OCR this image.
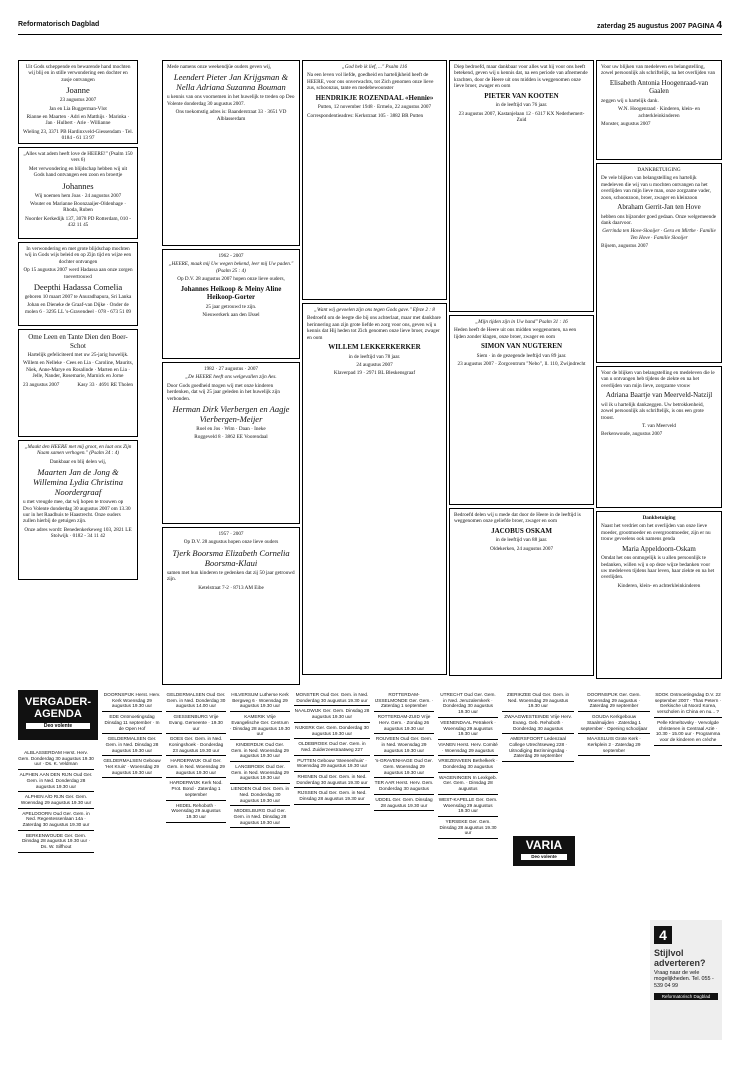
Reformatorisch Dagblad	zaterdag 25 augustus 2007 PAGINA 4

Uit Gods scheppende en bewarende hand mochten wij blij en in stille verwondering een dochter en zusje ontvangen

Joanne

23 augustus 2007

Jan en Lia Buggerman-Vlot

Rianne en Maarten · Adri en Matthijs · Marinka · Jan · Hulbert · Arie · Willianne

Wieling 23, 3371 PB Hardinxveld-Giessendam · Tel. 0184 - 61 13 97

„Alles wat adem heeft love de HEERE!" (Psalm 150 vers 6)

Met verwondering en blijdschap hebben wij uit Gods hand ontvangen een zoon en broertje

Johannes

Wij noemen hem Joas · 24 augustus 2007

Wouter en Marianne Boonzaaijer-Oldenhage · Rhoda, Ruben

Noorder Kerkedijk 137, 3078 PD Rotterdam, 010 - 432 11 45

In verwondering en met grote blijdschap mochten wij in Gods wijs beleid en op Zijn tijd en wijze een dochter ontvangen

Op 15 augustus 2007 werd Hadassa aan onze zorgen toevertrouwd

Deepthi Hadassa Comelia

geboren 10 maart 2007 te Anuradhapura, Sri Lanka

Johan en Dieneke de Graaf-van Dijke · Onder de molen 6 · 3295 LL 's-Gravendeel · 078 - 673 51 09

Ome Leen en Tante Dien den Boer-Schot

Hartelijk gefeliciteerd met uw 25-jarig huwelijk.

Willem en Nelleke · Cees en Lia · Caroline, Maurits, Niek, Anne-Marye en Rosalinde · Marten en Lia · Jelle, Nander, Rosemarie, Marnick en Jorne

23 augustus 2007	Kasy 33 · 4691 RE Tholen

„Maakt den HEERE met mij groot, en laat ons Zijn Naam samen verhogen." (Psalm 34 : 4)

Dankbaar en blij delen wij,

Maarten Jan de Jong & Willemina Lydia Christina Noordergraaf

u met vreugde mee, dat wij hopen te trouwen op Dvo Volente donderdag 30 augustus 2007 om 13.30 uur in het Raadhuis te Haastrecht. Onze ouders zullen hierbij de getuigen zijn.

Onze adres wordt: Benedenkerkeweg 103, 2821 LE Stolwijk · 0182 - 34 11 42

Mede namens onze weekendjüe ouders geven wij,

Leendert Pieter Jan Krijgsman & Nella Adriana Suzanna Bouman

u kennis van ons voornemen in het huwelijk te treden op Deo Volente donderdag 30 augustus 2007.

Ons toekomstig adres is: Baanderstraat 33 · 3651 VD Alblasserdam

1962 - 2007

„HEERE, maak mij Uw wegen bekend, leer mij Uw paden." (Psalm 25 : 4)

Op D.V. 28 augustus 2007 hopen onze lieve ouders,

Johannes Heikoop & Meiny Aline Heikoop-Gorter

25 jaar getrouwd te zijn.

Nieuwerkerk aan den IJssel

1982 · 27 augustus · 2007

„De HEERE heeft ons welgevallen zijn Aes.

Door Gods goedheid mogen wij met onze kinderen herdenken, dat wij 25 jaar geleden in het huwelijk zijn verbonden.

Herman Dirk Vierbergen en Aagje Vierbergen-Meijer

Roel en Jos · Wim · Daan · Ineke

Roggeveld 8 · 3862 EE Voorendaal

1957 · 2007

Op D.V. 28 augustus hopen onze lieve ouders

Tjerk Boorsma Elizabeth Cornelia Boorsma-Klaui

samen met hun kinderen te gedenken dat zij 50 jaar getrouwd zijn.

Ketelstraat 7-2 · 8713 AM Eibe

„God heb ik lief, ..." Psalm 116

Na een leven vol liefde, goedheid en hartelijkheid heeft de HEERE, voor ons onverwachts, tot Zich genomen onze lieve zus, schoonzus, tante en medebewoonster

HENDRIKJE ROZENDAAL «Hennie»

Putten, 12 november 1948 · Ermelo, 22 augustus 2007

Correspondentieadres: Kerkstraat 105 · 3882 BR Putten

„Want wij gevoelen zijn ons tegen Gods gave." Efeze 2 : 8

Bedroefd om de leegte die bij ons achterlaat, maar met dankbare herinnering aan zijn grote liefde en zorg voor ons, geven wij u kennis dat Hij heden tot Zich genomen onze lieve broer, zwager en oom

WILLEM LEKKERKERKER

in de leeftijd van 78 jaar.

24 augustus 2007

Klaverpad 19 · 2971 BL Bleskensgraaf

Diep bedroefd, maar dankbaar voor alles wat hij voor ons heeft betekend, geven wij u kennis dat, na een periode van afnemende krachten, door de Heere uit ons midden is weggenomen onze lieve broer, zwager en oom

PIETER VAN KOOTEN

in de leeftijd van 76 jaar.

23 augustus 2007, Kastanjelaan 12 · 6317 KX Nederhemert-Zuid

„Mijn tijden zijn in Uw hand" Psalm 31 : 16

Heden heeft de Heere uit ons midden weggenomen, na een lijden zonder klagen, onze broer, zwager en oom

SIMON VAN NUGTEREN

Siem · in de gezegende leeftijd van 89 jaar.

23 augustus 2007 · Zorgcentrum "Nebo", ll. 110, Zwijndrecht

Bedroefd delen wij u mede dat door de Heere in de leeftijd is weggenomen onze geliefde broer, zwager en oom

JACOBUS OSKAM

in de leeftijd van 88 jaar.

Oldekerken, 24 augustus 2007

Voor uw blijken van medeleven en belangstelling, zowel persoonlijk als schriftelijk, na het overlijden van

Elisabeth Antonia Hoogenraad-van Gaalen

zeggen wij u hartelijk dank.

W.N. Hoogenraad · Kinderen, klein- en achterkleinkinderen

Monster, augustus 2007

DANKBETUIGING

De vele blijken van belangstelling en hartelijk medeleven die wij van u mochten ontvangen na het overlijden van mijn lieve man, onze zorgzame vader, zoon, schoonzoon, broer, zwager en kleinzoon

Abraham Gerrit-Jan ten Hove

hebben ons bijzonder goed gedaan. Onze welgemeende dank daarvoor.

Gerrinda ten Hove-Slooijer · Gera en Mirthe · Familie Ten Hove · Familie Slooijer

Bijsem, augustus 2007

Voor de blijken van belangstelling en medeleven die le van u ontvangen heb tijdens de ziekte en na het overlijden van mijn lieve, zorgzame vrouw

Adriana Baartje van Meerveld-Natzijl

wil ik u hartelijk dankzeggen. Uw betrokkenheid, zowel persoonlijk als schriftelijk, is ons een grote troost.

T. van Meerveld

Berkenwoude, augustus 2007

Dankbetuiging

Naast het verdriet om het overlijden van onze lieve moeder, grootmoeder en overgrootmoeder, zijn er nu trouw gevoelens ook namens genda

Maria Appeldoorn-Oskam

Omdat het ons onmogelijk is u allen persoonlijk te bedanken, willen wij u op deze wijze bedanken voor uw medeleven tijdens haar leven, haar ziekte en na het overlijden.

Kinderen, klein- en achterkleinkinderen

VERGADER-AGENDA
Deo volente
ALBLASSERDAM Herst. Herv. Gem. Donderdag 30 augustus 19.30 uur · Ds. K. Veldman
ALPHEN AAN DEN RIJN Oud Ger. Gem. in Ned. Donderdag 28 augustus 19.30 uur
ALPHEN A/D RIJN Ger. Gem. Woensdag 29 augustus 19.30 uur
APELDOORN Oud Ger. Gem. in Ned. Regentessenlaan 14a · Zaterdag 30 augustus 19.30 uur
BERKENWOUDE Ger. Gem. Dinsdag 28 augustus 19.30 uur · Ds. W. Silfhout
DOORNSPIJK Herst. Herv. Kerk Woensdag 29 augustus 19.30 uur
EDE Ontmoetingsdag Dinsdag 11 september · In de Open Hof
GELDERMALSEN Ger. Gem. in Ned. Dinsdag 28 augustus 19.30 uur
GELDERMALSEN Gebouw 'Het Kruis' · Woensdag 29 augustus 19.30 uur
GELDERMALSEN Oud Ger. Gem. in Ned. Donderdag 30 augustus 14.00 uur
GIESSENBURG Vrije Evang. Gemeente · 19.30 uur
GOES Ger. Gem. in Ned. Koningshoek · Donderdag 23 augustus 19.30 uur
HARDERWIJK Oud Ger. Gem. in Ned. Woensdag 29 augustus 19.30 uur
HARDERWIJK Kerk Nod. Prot. Bond · Zaterdag 1 september
HEDEL Rehoboth · Woensdag 29 augustus 19.30 uur
HILVERSUM Lutherse Kerk Bergweg 6 · Woensdag 29 augustus 19.30 uur
KAMERIK Vrije Evangelische Ger. Centrum · Dinsdag 28 augustus 19.30 uur
KINDERDIJK Oud Ger. Gem. in Ned. Woensdag 29 augustus 19.30 uur
LANGBROEK Oud Ger. Gem. in Ned. Woensdag 29 augustus 19.30 uur
LIENDEN Oud Ger. Gem. in Ned. Donderdag 30 augustus 19.30 uur
MIDDELBURG Oud Ger. Gem. in Ned. Dinsdag 28 augustus 19.30 uur
MONSTER Oud Ger. Gem. in Ned. Donderdag 30 augustus 19.30 uur
NAALDWIJK Ger. Gem. Dinsdag 28 augustus 19.30 uur
NIJKERK Ger. Gem. Donderdag 30 augustus 19.30 uur
OLDEBROEK Oud Ger. Gem. in Ned. Zuiderzeestraatweg 227
PUTTEN Gebouw 'Steenenhuis' · Woensdag 29 augustus 19.30 uur
RHENEN Oud Ger. Gem. in Ned. Donderdag 30 augustus 19.30 uur
RIJSSEN Oud Ger. Gem. in Ned. Dinsdag 28 augustus 19.30 uur
ROTTERDAM-IJSSELMONDE Ger. Gem. · Zaterdag 1 september
ROTTERDAM-ZUID Vrije Herv. Gem. · Zondag 26 augustus 19.30 uur
ROUVEEN Oud Ger. Gem. in Ned. Woensdag 29 augustus 19.30 uur
's-GRAVENHAGE Oud Ger. Gem. Woensdag 29 augustus 19.30 uur
TER AAR Herst. Herv. Gem. Donderdag 30 augustus
UDDEL Ger. Gem. Dinsdag 28 augustus 19.30 uur
UTRECHT Oud Ger. Gem. in Ned. Jeruzalemkerk · Donderdag 30 augustus 19.30 uur
VEENENDAAL Petrakerk · Woensdag 29 augustus 19.30 uur
VIANEN Herst. Herv. Comité · Woensdag 29 augustus
VRIEZENVEEN Bethelkerk · Donderdag 30 augustus
WAGENINGEN In Lexkgeb. Ger. Gem. · Dinsdag 28 augustus
WEST-KAPELLE Ger. Gem. Woensdag 29 augustus 19.30 uur
YERSEKE Ger. Gem. Dinsdag 28 augustus 19.30 uur
ZIERIKZEE Oud Ger. Gem. in Ned. Woensdag 29 augustus 19.30 uur
ZWAAGWESTEINDE Vrije Herv. Evang. Geb. Rehoboth · Donderdag 30 augustus
AMERSFOORT Ledenzaal College Utrechtseweg 228 · Uitnodiging Bezinningsdag · Zaterdag 29 september
DOORNSPIJK Ger. Gem. Woensdag 29 augustus · Zaterdag 29 september
GOUDA Kerkgebouw Staalmuijden · Zaterdag 1 september · Opening schooljaar
MAASSLUIS Grote Kerk · Kerkplein 2 · Zaterdag 29 september
SDOK Ontmoetingsdag D.V. 22 september 2007 · Thas Petern · Gerkische uit Noord Korea, verscholen in China en nu... ?
Pelle Klmeltovsky · Vervolgde christenen in Centraal Azië · 10.30 - 15.00 uur · Programma voor de kinderen en crèche
VARIA
Deo volente
4
Stijlvol adverteren?
Vraag naar de vele mogelijkheden. Tel. 055 - 539 04 99
Reformatorisch Dagblad
